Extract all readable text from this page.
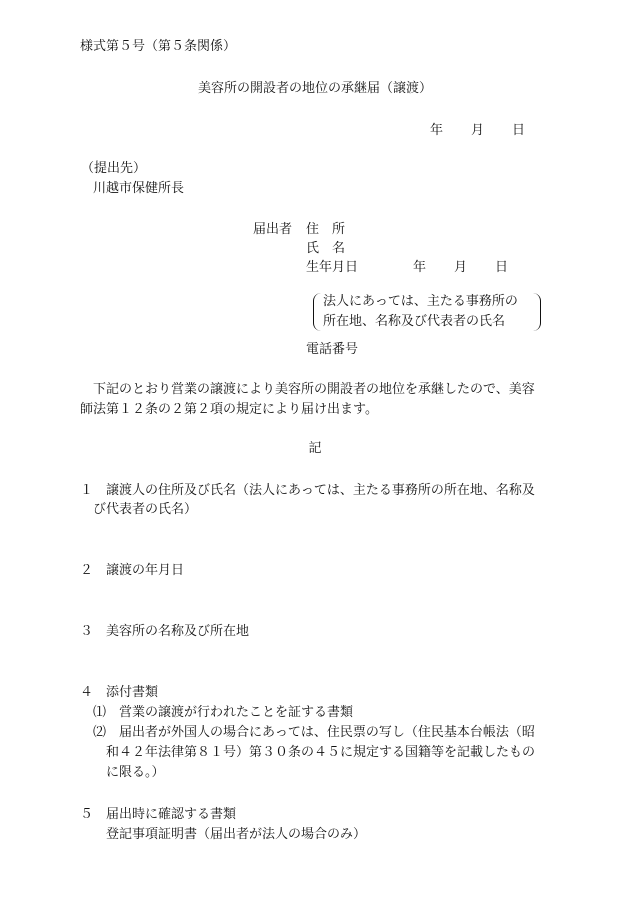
様式第５号（第５条関係）
美容所の開設者の地位の承継届（譲渡）
年 月 日
（提出先）
川越市保健所長
届出者 住　所
氏　名
生年月日	年 月 日
法人にあっては、主たる事務所の
所在地、名称及び代表者の氏名
電話番号
下記のとおり営業の譲渡により美容所の開設者の地位を承継したので、美容
師法第１２条の２第２項の規定により届け出ます。
記
１ 譲渡人の住所及び氏名（法人にあっては、主たる事務所の所在地、名称及
び代表者の氏名）
２ 譲渡の年月日
３ 美容所の名称及び所在地
４ 添付書類
⑴ 営業の譲渡が行われたことを証する書類
⑵ 届出者が外国人の場合にあっては、住民票の写し（住民基本台帳法（昭
和４２年法律第８１号）第３０条の４５に規定する国籍等を記載したもの
に限る。）
５ 届出時に確認する書類
登記事項証明書（届出者が法人の場合のみ）
